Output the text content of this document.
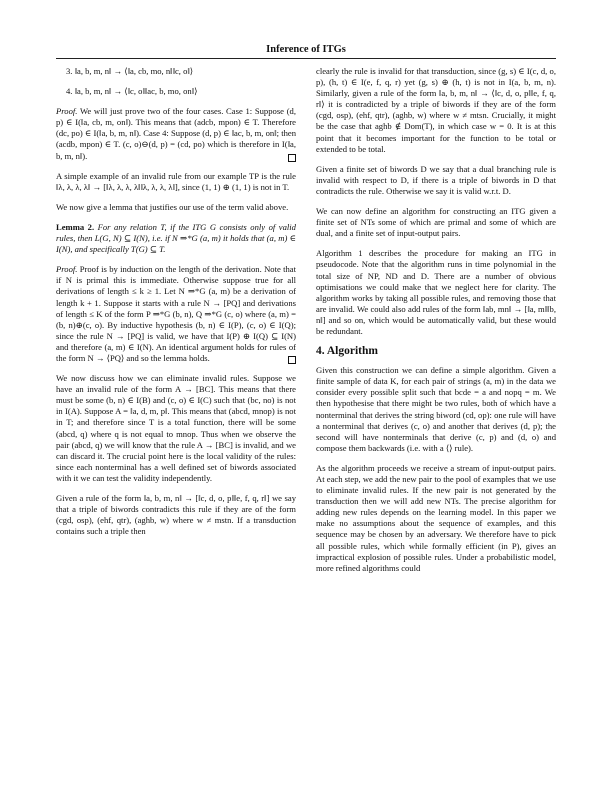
Inference of ITGs
3. ‖a, b, m, n‖ → ⟨‖a, cb, mo, n‖‖c, o‖⟩
4. ‖a, b, m, n‖ → ⟨‖c, o‖‖ac, b, mo, on‖⟩

Proof. We will just prove two of the four cases. Case 1: Suppose (d, p) ∈ I(‖a, cb, m, on‖). This means that (adcb, mpon) ∈ T. Therefore (dc, po) ∈ I(‖a, b, m, n‖). Case 4: Suppose (d, p) ∈ ‖ac, b, m, on‖; then (acdb, mpon) ∈ T. (c, o)⊖(d, p) = (cd, po) which is therefore in I(‖a, b, m, n‖).

A simple example of an invalid rule from our example TP is the rule ‖λ, λ, λ, λ‖ → [‖λ, λ, λ, λ‖‖λ, λ, λ, λ‖], since (1, 1) ⊕ (1, 1) is not in T.

We now give a lemma that justifies our use of the term valid above.

Lemma 2. For any relation T, if the ITG G consists only of valid rules, then L(G, N) ⊆ I(N), i.e. if N ⇒*G (a, m) it holds that (a, m) ∈ I(N), and specifically T(G) ⊆ T.

Proof. Proof is by induction on the length of the derivation. Note that if N is primal this is immediate. Otherwise suppose true for all derivations of length ≤ k ≥ 1. Let N ⇒*G (a, m) be a derivation of length k + 1. Suppose it starts with a rule N → [PQ] and derivations of length ≤ K of the form P ⇒*G (b, n), Q ⇒*G (c, o) where (a, m) = (b, n)⊕(c, o). By inductive hypothesis (b, n) ∈ I(P), (c, o) ∈ I(Q); since the rule N → [PQ] is valid, we have that I(P) ⊕ I(Q) ⊆ I(N) and therefore (a, m) ∈ I(N). An identical argument holds for rules of the form N → ⟨PQ⟩ and so the lemma holds.

We now discuss how we can eliminate invalid rules. Suppose we have an invalid rule of the form A → [BC]. This means that there must be some (b, n) ∈ I(B) and (c, o) ∈ I(C) such that (bc, no) is not in I(A). Suppose A = ‖a, d, m, p‖. This means that (abcd, mnop) is not in T; and therefore since T is a total function, there will be some (abcd, q) where q is not equal to mnop. Thus when we observe the pair (abcd, q) we will know that the rule A → [BC] is invalid, and we can discard it. The crucial point here is the local validity of the rules: since each nonterminal has a well defined set of biwords associated with it we can test the validity independently.

Given a rule of the form ‖a, b, m, n‖ → [‖c, d, o, p‖‖e, f, q, r‖] we say that a triple of biwords contradicts this rule if they are of the form (cgd, osp), (ehf, qtr), (aghb, w) where w ≠ mstn. If a transduction contains such a triple then

clearly the rule is invalid for that transduction, since (g, s) ∈ I(c, d, o, p), (h, t) ∈ I(e, f, q, r) yet (g, s) ⊕ (h, t) is not in I(a, b, m, n). Similarly, given a rule of the form ‖a, b, m, n‖ → ⟨‖c, d, o, p‖‖e, f, q, r‖⟩ it is contradicted by a triple of biwords if they are of the form (cgd, osp), (ehf, qtr), (aghb, w) where w ≠ mtsn. Crucially, it might be the case that aghb ∉ Dom(T), in which case w = 0. It is at this point that it becomes important for the function to be total or extended to be total.

Given a finite set of biwords D we say that a dual branching rule is invalid with respect to D, if there is a triple of biwords in D that contradicts the rule. Otherwise we say it is valid w.r.t. D.

We can now define an algorithm for constructing an ITG given a finite set of NTs some of which are primal and some of which are dual, and a finite set of input-output pairs.

Algorithm 1 describes the procedure for making an ITG in pseudocode. Note that the algorithm runs in time polynomial in the total size of NP, ND and D. There are a number of obvious optimisations we could make that we neglect here for clarity. The algorithm works by taking all possible rules, and removing those that are invalid. We could also add rules of the form ‖ab, mn‖ → [‖a, m‖‖b, n‖] and so on, which would be automatically valid, but these would be redundant.

4. Algorithm

Given this construction we can define a simple algorithm. Given a finite sample of data K, for each pair of strings (a, m) in the data we consider every possible split such that bcde = a and nopq = m. We then hypothesise that there might be two rules, both of which have a nonterminal that derives the string biword (cd, op): one rule will have a nonterminal that derives (c, o) and another that derives (d, p); the second will have nonterminals that derive (c, p) and (d, o) and compose them backwards (i.e. with a ⟨⟩ rule).

As the algorithm proceeds we receive a stream of input-output pairs. At each step, we add the new pair to the pool of examples that we use to eliminate invalid rules. If the new pair is not generated by the transduction then we will add new NTs. The precise algorithm for adding new rules depends on the learning model. In this paper we make no assumptions about the sequence of examples, and this sequence may be chosen by an adversary. We therefore have to pick all possible rules, which while formally efficient (in P), gives an impractical explosion of possible rules. Under a probabilistic model, more refined algorithms could
